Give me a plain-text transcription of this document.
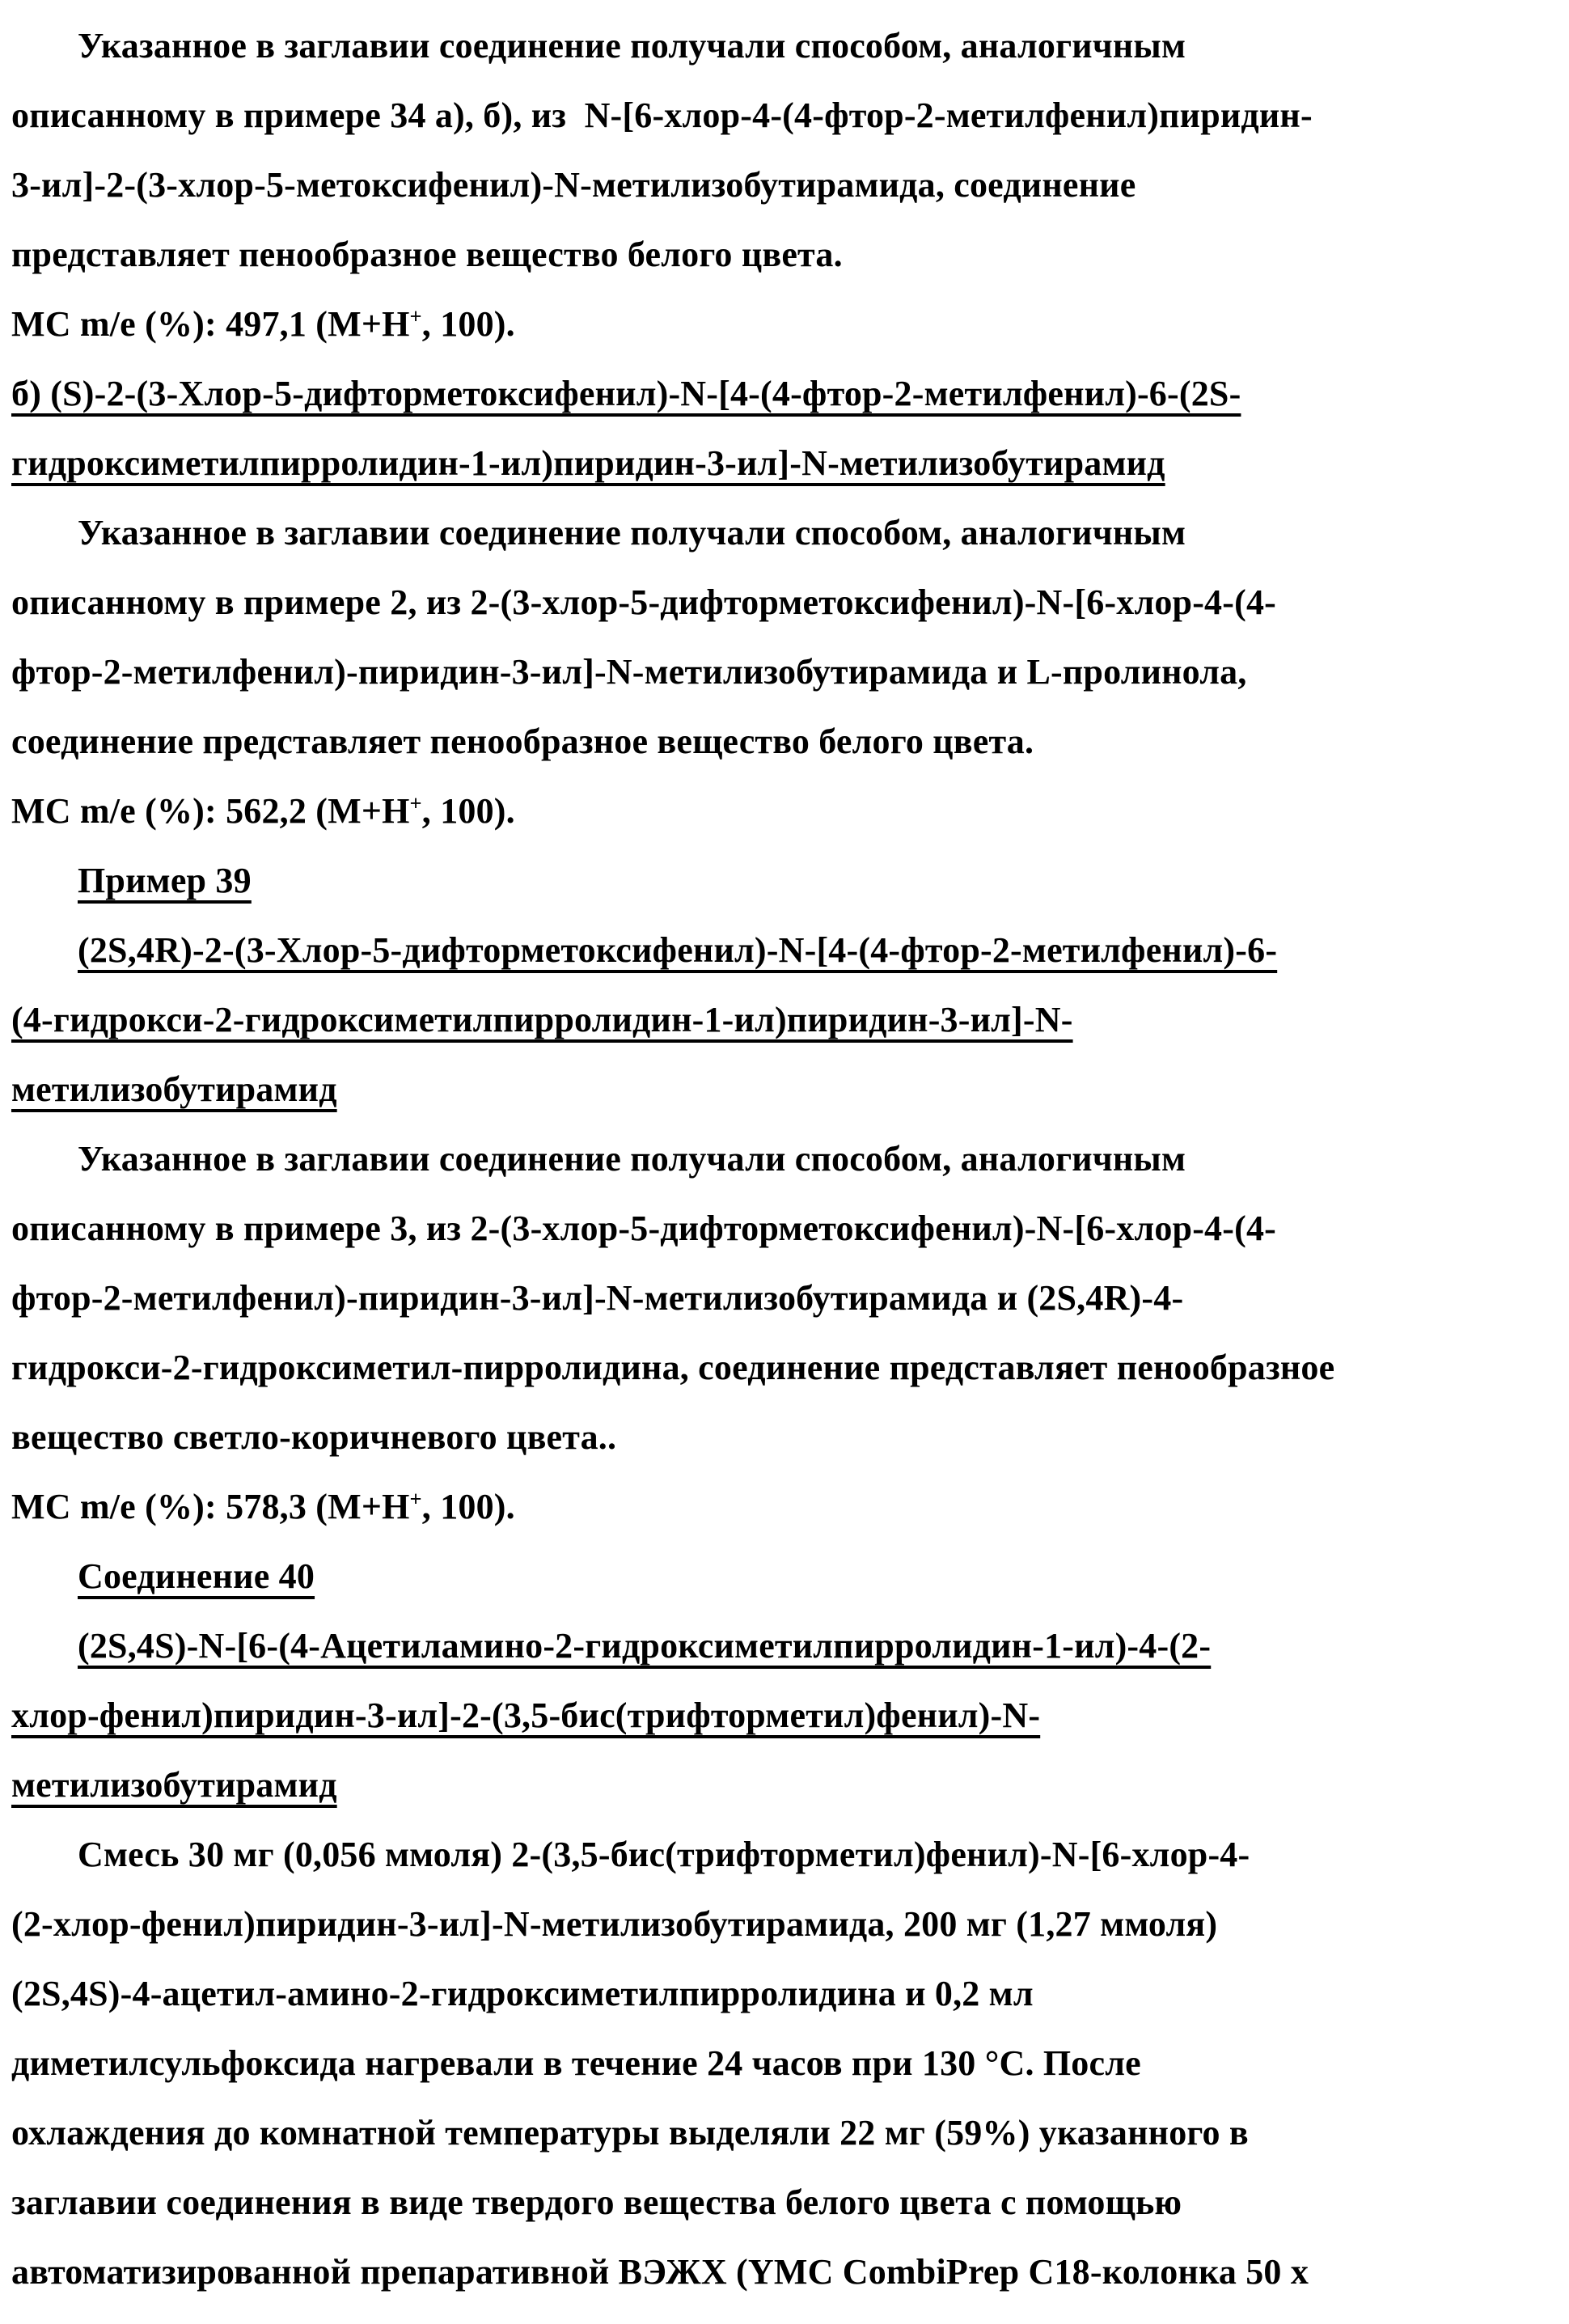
Указанное в заглавии соединение получали способом, аналогичным
описанному в примере 34 а), б), из  N-[6-хлор-4-(4-фтор-2-метилфенил)пиридин-
3-ил]-2-(3-хлор-5-метоксифенил)-N-метилизобутирамида, соединение
представляет пенообразное вещество белого цвета.
МС m/e (%): 497,1 (М+Н+, 100).
б) (S)-2-(3-Хлор-5-дифторметоксифенил)-N-[4-(4-фтор-2-метилфенил)-6-(2S-
гидроксиметилпирролидин-1-ил)пиридин-3-ил]-N-метилизобутирамид
Указанное в заглавии соединение получали способом, аналогичным
описанному в примере 2, из 2-(3-хлор-5-дифторметоксифенил)-N-[6-хлор-4-(4-
фтор-2-метилфенил)-пиридин-3-ил]-N-метилизобутирамида и L-пролинола,
соединение представляет пенообразное вещество белого цвета.
МС m/e (%): 562,2 (М+Н+, 100).
Пример 39
(2S,4R)-2-(3-Хлор-5-дифторметоксифенил)-N-[4-(4-фтор-2-метилфенил)-6-
(4-гидрокси-2-гидроксиметилпирролидин-1-ил)пиридин-3-ил]-N-
метилизобутирамид
Указанное в заглавии соединение получали способом, аналогичным
описанному в примере 3, из 2-(3-хлор-5-дифторметоксифенил)-N-[6-хлор-4-(4-
фтор-2-метилфенил)-пиридин-3-ил]-N-метилизобутирамида и (2S,4R)-4-
гидрокси-2-гидроксиметил-пирролидина, соединение представляет пенообразное
вещество светло-коричневого цвета..
МС m/e (%): 578,3 (М+Н+, 100).
Соединение 40
(2S,4S)-N-[6-(4-Ацетиламино-2-гидроксиметилпирролидин-1-ил)-4-(2-
хлор-фенил)пиридин-3-ил]-2-(3,5-бис(трифторметил)фенил)-N-
метилизобутирамид
Смесь 30 мг (0,056 ммоля) 2-(3,5-бис(трифторметил)фенил)-N-[6-хлор-4-
(2-хлор-фенил)пиридин-3-ил]-N-метилизобутирамида, 200 мг (1,27 ммоля)
(2S,4S)-4-ацетил-амино-2-гидроксиметилпирролидина и 0,2 мл
диметилсульфоксида нагревали в течение 24 часов при 130 °С. После
охлаждения до комнатной температуры выделяли 22 мг (59%) указанного в
заглавии соединения в виде твердого вещества белого цвета с помощью
автоматизированной препаративной ВЭЖХ (YMC CombiPrep C18-колонка 50 x
